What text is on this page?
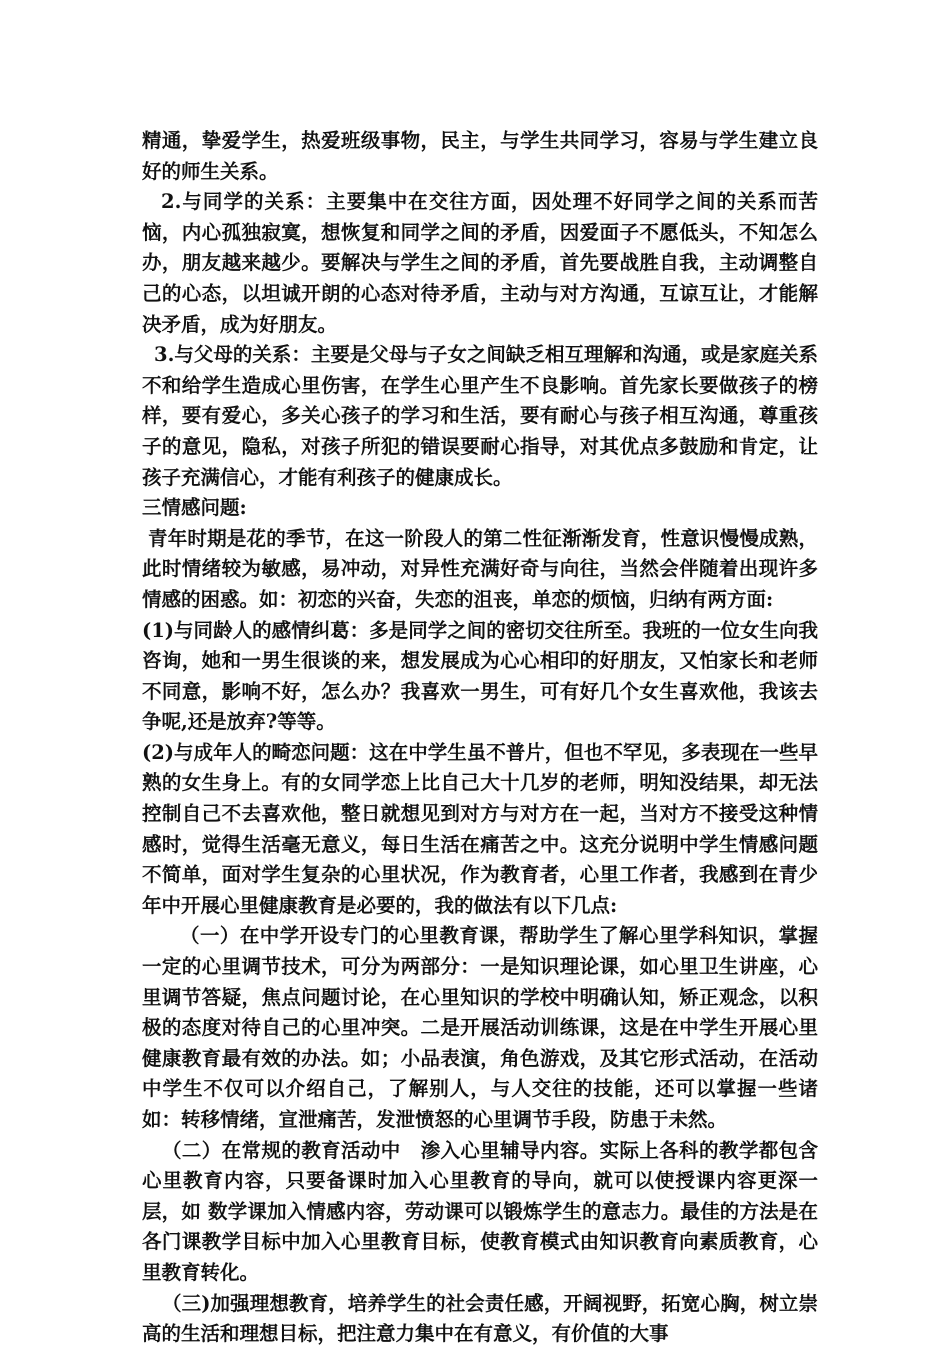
精通，挚爱学生，热爱班级事物，民主，与学生共同学习，容易与学生建立良好的师生关系。

2.与同学的关系：主要集中在交往方面，因处理不好同学之间的关系而苦恼，内心孤独寂寞，想恢复和同学之间的矛盾，因爱面子不愿低头，不知怎么办，朋友越来越少。要解决与学生之间的矛盾，首先要战胜自我，主动调整自己的心态，以坦诚开朗的心态对待矛盾，主动与对方沟通，互谅互让，才能解决矛盾，成为好朋友。

3.与父母的关系：主要是父母与子女之间缺乏相互理解和沟通，或是家庭关系不和给学生造成心里伤害，在学生心里产生不良影响。首先家长要做孩子的榜样，要有爱心，多关心孩子的学习和生活，要有耐心与孩子相互沟通，尊重孩子的意见，隐私，对孩子所犯的错误要耐心指导，对其优点多鼓励和肯定，让孩子充满信心，才能有利孩子的健康成长。

三情感问题:

青年时期是花的季节，在这一阶段人的第二性征渐渐发育，性意识慢慢成熟，此时情绪较为敏感，易冲动，对异性充满好奇与向往，当然会伴随着出现许多情感的困惑。如：初恋的兴奋，失恋的沮丧，单恋的烦恼，归纳有两方面:

(1)与同龄人的感情纠葛：多是同学之间的密切交往所至。我班的一位女生向我咨询，她和一男生很谈的来，想发展成为心心相印的好朋友，又怕家长和老师不同意，影响不好，怎么办？我喜欢一男生，可有好几个女生喜欢他，我该去争呢,还是放弃?等等。

(2)与成年人的畸恋问题：这在中学生虽不普片，但也不罕见，多表现在一些早熟的女生身上。有的女同学恋上比自己大十几岁的老师，明知没结果，却无法控制自己不去喜欢他，整日就想见到对方与对方在一起，当对方不接受这种情感时，觉得生活毫无意义，每日生活在痛苦之中。这充分说明中学生情感问题不简单，面对学生复杂的心里状况，作为教育者，心里工作者，我感到在青少年中开展心里健康教育是必要的，我的做法有以下几点:

（一）在中学开设专门的心里教育课，帮助学生了解心里学科知识，掌握一定的心里调节技术，可分为两部分：一是知识理论课，如心里卫生讲座，心里调节答疑，焦点问题讨论，在心里知识的学校中明确认知，矫正观念，以积极的态度对待自己的心里冲突。二是开展活动训练课，这是在中学生开展心里健康教育最有效的办法。如；小品表演，角色游戏，及其它形式活动，在活动中学生不仅可以介绍自己，了解别人，与人交往的技能，还可以掌握一些诸如：转移情绪，宣泄痛苦，发泄愤怒的心里调节手段，防患于未然。

（二）在常规的教育活动中　渗入心里辅导内容。实际上各科的教学都包含心里教育内容，只要备课时加入心里教育的导向，就可以使授课内容更深一层，如 数学课加入情感内容，劳动课可以锻炼学生的意志力。最佳的方法是在各门课教学目标中加入心里教育目标，使教育模式由知识教育向素质教育，心里教育转化。

（三)加强理想教育，培养学生的社会责任感，开阔视野，拓宽心胸，树立崇高的生活和理想目标，把注意力集中在有意义，有价值的大事
